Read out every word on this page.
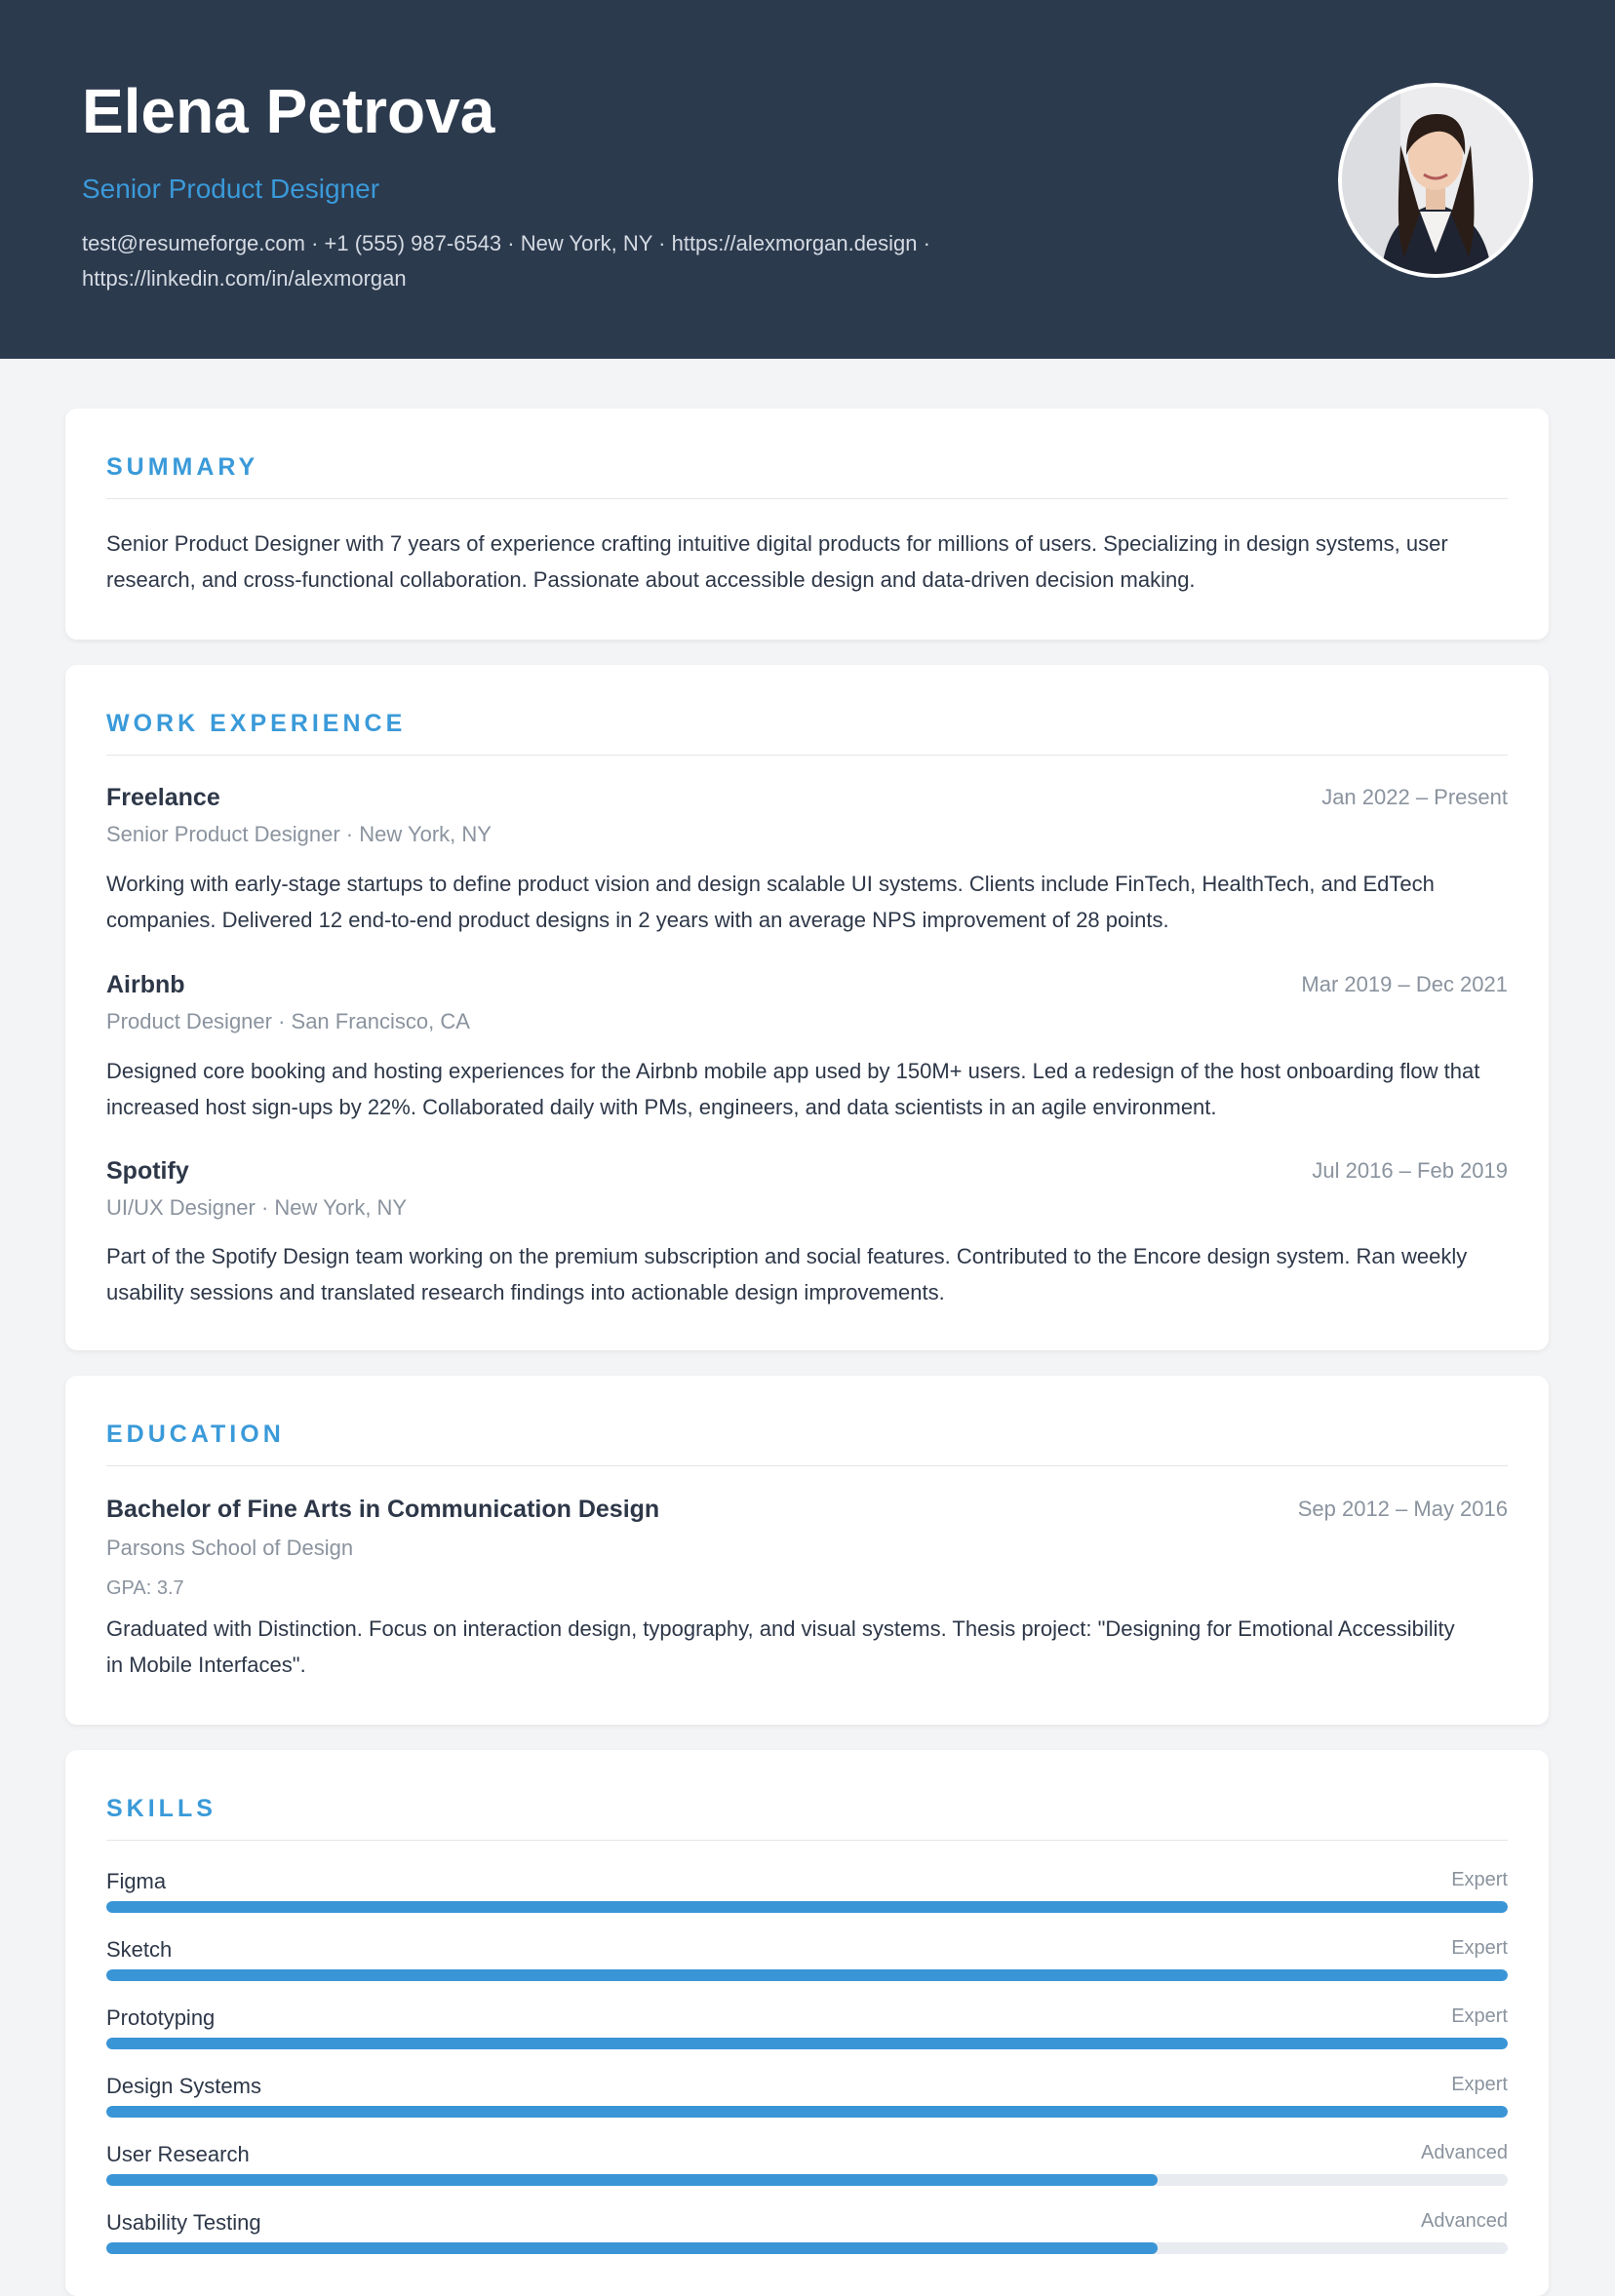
Elena Petrova
Senior Product Designer
test@resumeforge.com · +1 (555) 987-6543 · New York, NY · https://alexmorgan.design ·
https://linkedin.com/in/alexmorgan
SUMMARY
Senior Product Designer with 7 years of experience crafting intuitive digital products for millions of users. Specializing in design systems, user research, and cross-functional collaboration. Passionate about accessible design and data-driven decision making.
WORK EXPERIENCE
Freelance	Jan 2022 – Present
Senior Product Designer · New York, NY
Working with early-stage startups to define product vision and design scalable UI systems. Clients include FinTech, HealthTech, and EdTech companies. Delivered 12 end-to-end product designs in 2 years with an average NPS improvement of 28 points.
Airbnb	Mar 2019 – Dec 2021
Product Designer · San Francisco, CA
Designed core booking and hosting experiences for the Airbnb mobile app used by 150M+ users. Led a redesign of the host onboarding flow that increased host sign-ups by 22%. Collaborated daily with PMs, engineers, and data scientists in an agile environment.
Spotify	Jul 2016 – Feb 2019
UI/UX Designer · New York, NY
Part of the Spotify Design team working on the premium subscription and social features. Contributed to the Encore design system. Ran weekly usability sessions and translated research findings into actionable design improvements.
EDUCATION
Bachelor of Fine Arts in Communication Design	Sep 2012 – May 2016
Parsons School of Design
GPA: 3.7
Graduated with Distinction. Focus on interaction design, typography, and visual systems. Thesis project: "Designing for Emotional Accessibility in Mobile Interfaces".
SKILLS
Figma	Expert
Sketch	Expert
Prototyping	Expert
Design Systems	Expert
User Research	Advanced
Usability Testing	Advanced
